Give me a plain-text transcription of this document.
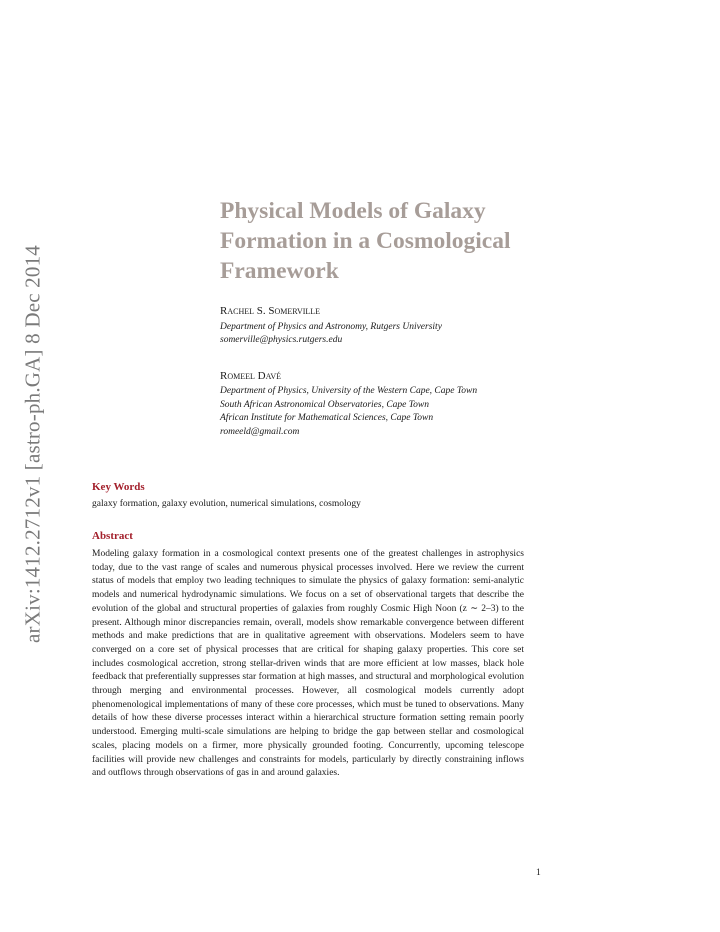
arXiv:1412.2712v1 [astro-ph.GA] 8 Dec 2014
Physical Models of Galaxy Formation in a Cosmological Framework
Rachel S. Somerville
Department of Physics and Astronomy, Rutgers University
somerville@physics.rutgers.edu
Romeel Davé
Department of Physics, University of the Western Cape, Cape Town
South African Astronomical Observatories, Cape Town
African Institute for Mathematical Sciences, Cape Town
romeeld@gmail.com
Key Words
galaxy formation, galaxy evolution, numerical simulations, cosmology
Abstract

Modeling galaxy formation in a cosmological context presents one of the greatest challenges in astrophysics today, due to the vast range of scales and numerous physical processes involved. Here we review the current status of models that employ two leading techniques to simulate the physics of galaxy formation: semi-analytic models and numerical hydrodynamic simulations. We focus on a set of observational targets that describe the evolution of the global and structural properties of galaxies from roughly Cosmic High Noon (z ∼ 2–3) to the present. Although minor discrepancies remain, overall, models show remarkable convergence between different methods and make predictions that are in qualitative agreement with observations. Modelers seem to have converged on a core set of physical processes that are critical for shaping galaxy properties. This core set includes cosmological accretion, strong stellar-driven winds that are more efficient at low masses, black hole feedback that preferentially suppresses star formation at high masses, and structural and morphological evolution through merging and environmental processes. However, all cosmological models currently adopt phenomenological implementations of many of these core processes, which must be tuned to observations. Many details of how these diverse processes interact within a hierarchical structure formation setting remain poorly understood. Emerging multi-scale simulations are helping to bridge the gap between stellar and cosmological scales, placing models on a firmer, more physically grounded footing. Concurrently, upcoming telescope facilities will provide new challenges and constraints for models, particularly by directly constraining inflows and outflows through observations of gas in and around galaxies.

1
